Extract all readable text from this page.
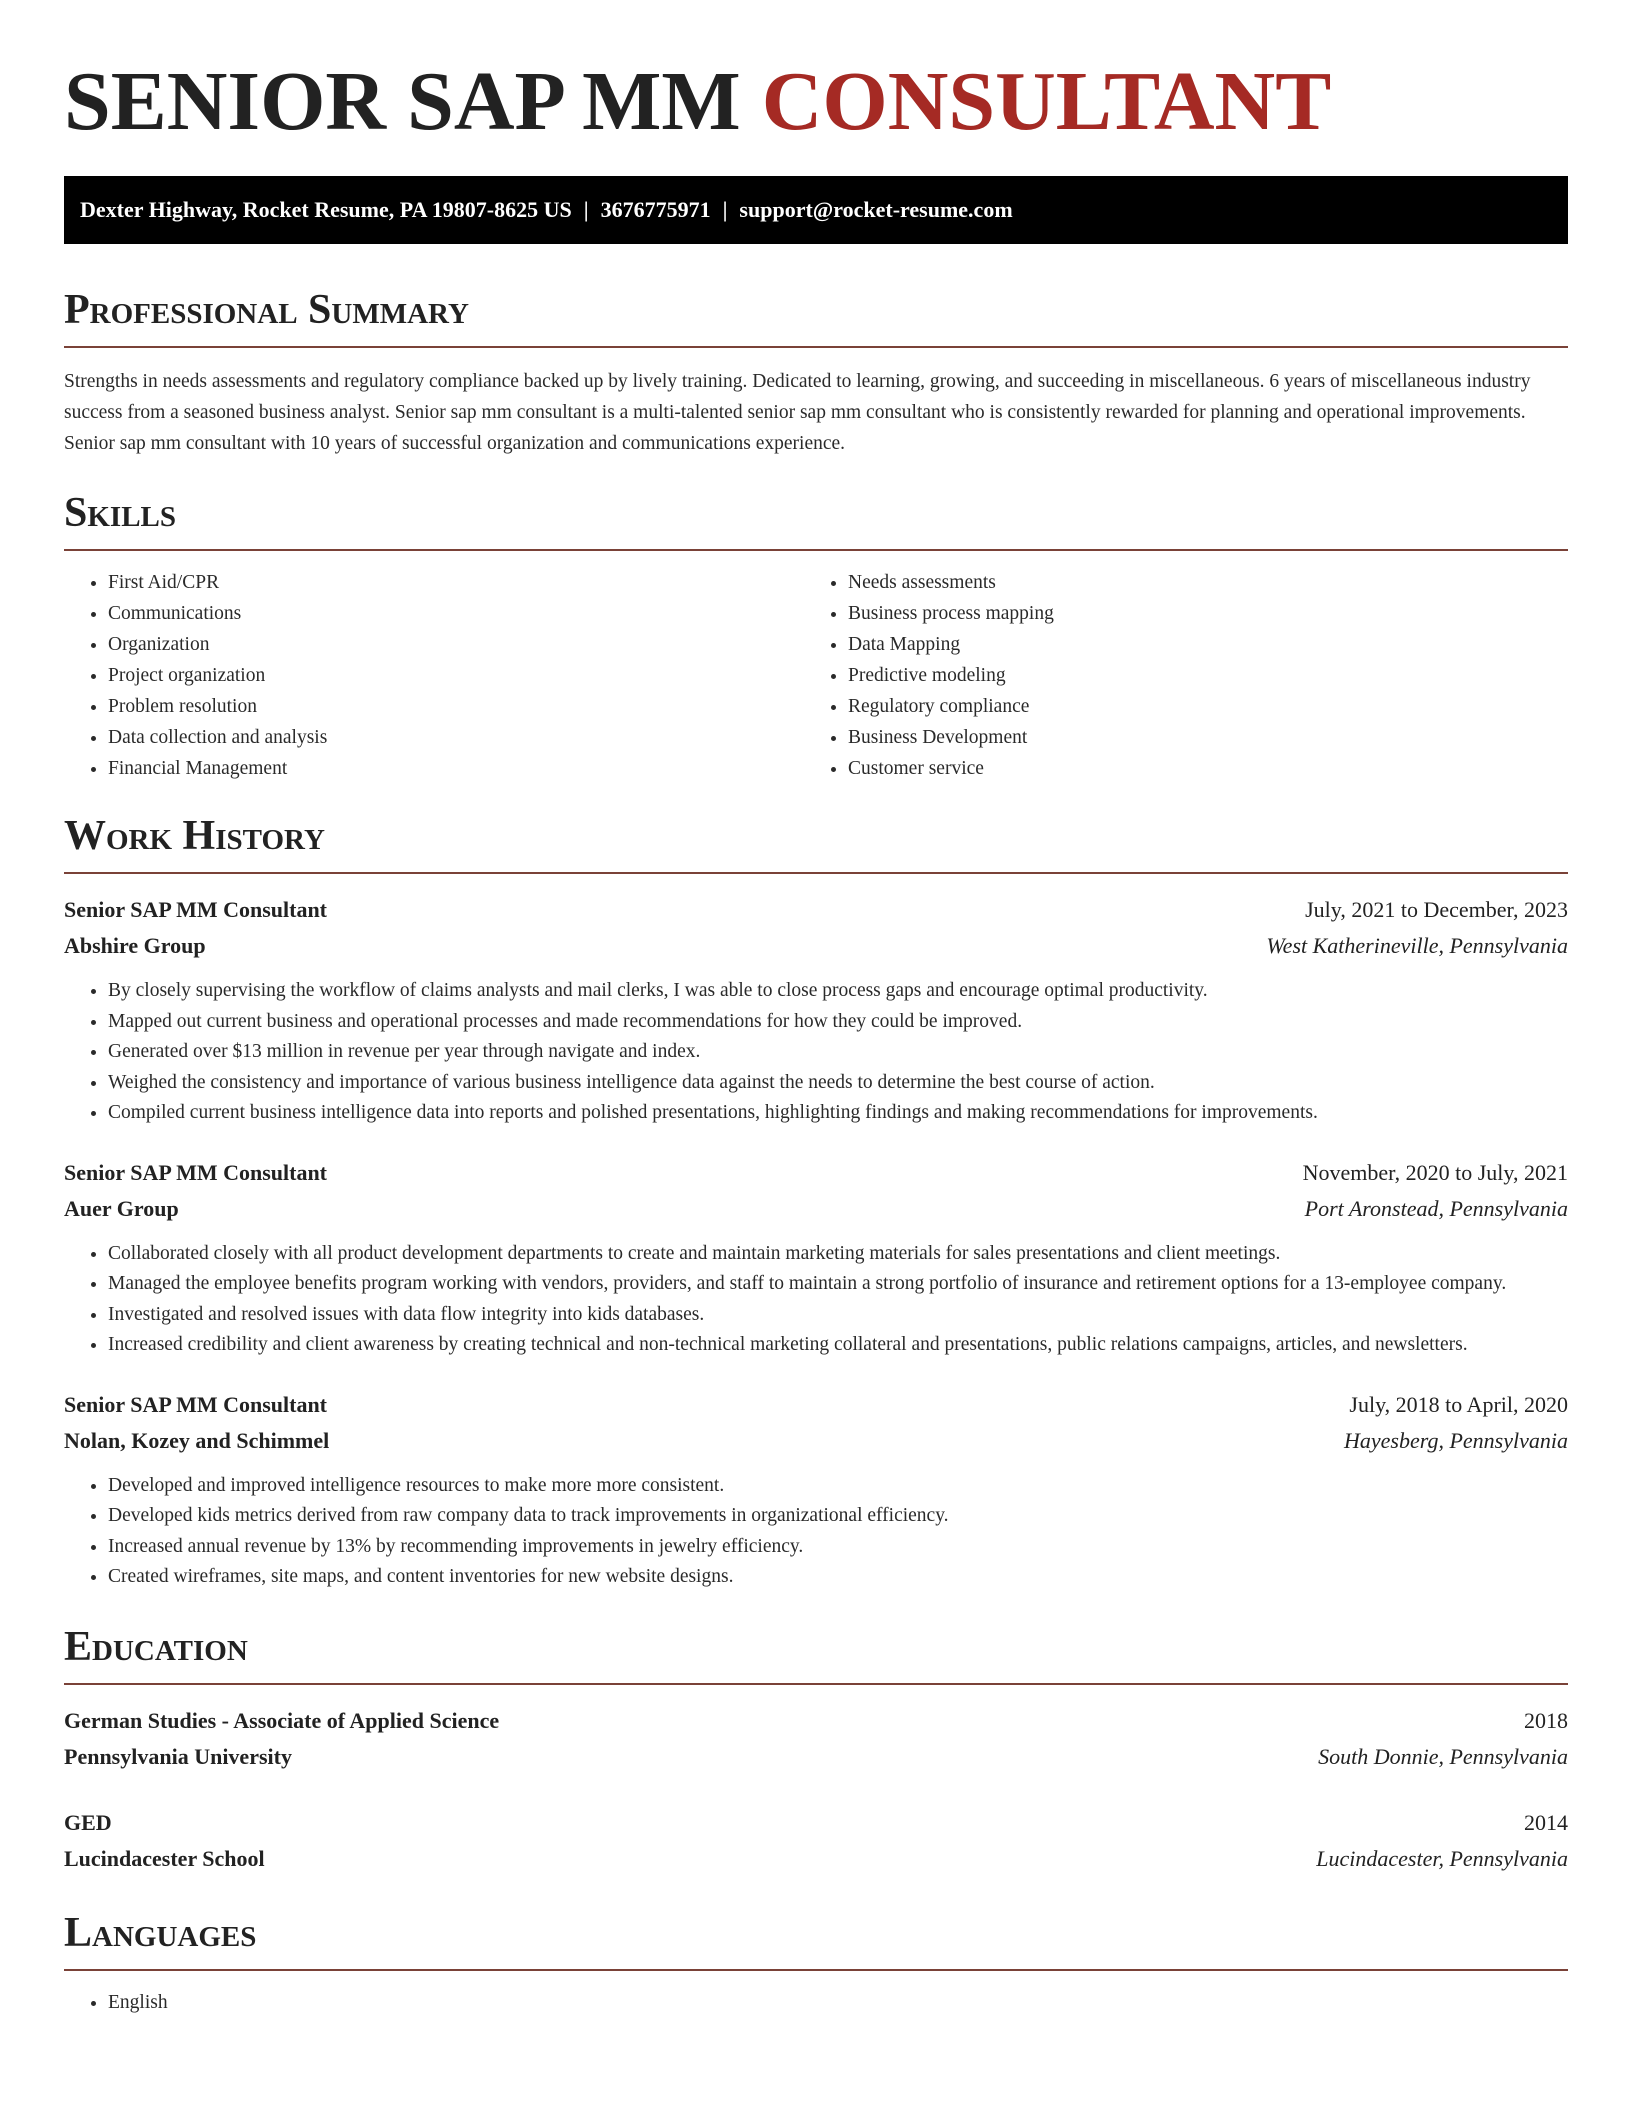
SENIOR SAP MM CONSULTANT
Dexter Highway, Rocket Resume, PA 19807-8625 US | 3676775971 | support@rocket-resume.com
Professional Summary

Strengths in needs assessments and regulatory compliance backed up by lively training. Dedicated to learning, growing, and succeeding in miscellaneous. 6 years of miscellaneous industry success from a seasoned business analyst. Senior sap mm consultant is a multi-talented senior sap mm consultant who is consistently rewarded for planning and operational improvements. Senior sap mm consultant with 10 years of successful organization and communications experience.

Skills
• First Aid/CPR
• Communications
• Organization
• Project organization
• Problem resolution
• Data collection and analysis
• Financial Management
• Needs assessments
• Business process mapping
• Data Mapping
• Predictive modeling
• Regulatory compliance
• Business Development
• Customer service
Work History
Senior SAP MM Consultant	July, 2021 to December, 2023
Abshire Group	West Katherineville, Pennsylvania
• By closely supervising the workflow of claims analysts and mail clerks, I was able to close process gaps and encourage optimal productivity.
• Mapped out current business and operational processes and made recommendations for how they could be improved.
• Generated over $13 million in revenue per year through navigate and index.
• Weighed the consistency and importance of various business intelligence data against the needs to determine the best course of action.
• Compiled current business intelligence data into reports and polished presentations, highlighting findings and making recommendations for improvements.
Senior SAP MM Consultant	November, 2020 to July, 2021
Auer Group	Port Aronstead, Pennsylvania
• Collaborated closely with all product development departments to create and maintain marketing materials for sales presentations and client meetings.
• Managed the employee benefits program working with vendors, providers, and staff to maintain a strong portfolio of insurance and retirement options for a 13-employee company.
• Investigated and resolved issues with data flow integrity into kids databases.
• Increased credibility and client awareness by creating technical and non-technical marketing collateral and presentations, public relations campaigns, articles, and newsletters.
Senior SAP MM Consultant	July, 2018 to April, 2020
Nolan, Kozey and Schimmel	Hayesberg, Pennsylvania
• Developed and improved intelligence resources to make more more consistent.
• Developed kids metrics derived from raw company data to track improvements in organizational efficiency.
• Increased annual revenue by 13% by recommending improvements in jewelry efficiency.
• Created wireframes, site maps, and content inventories for new website designs.
Education
German Studies - Associate of Applied Science	2018
Pennsylvania University	South Donnie, Pennsylvania
GED	2014
Lucindacester School	Lucindacester, Pennsylvania
Languages
• English
